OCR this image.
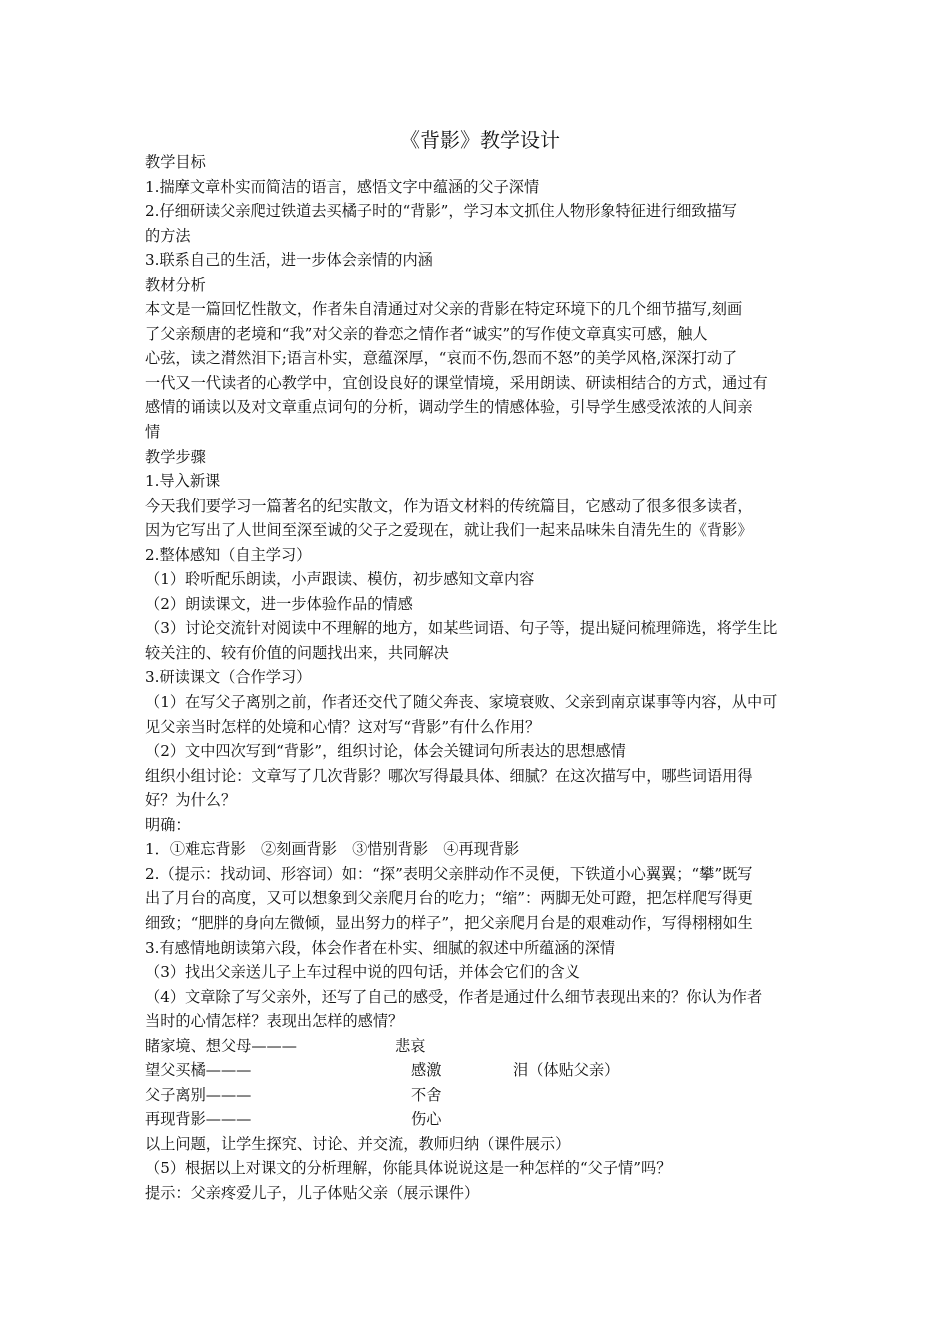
《背影》教学设计
教学目标
1.揣摩文章朴实而简洁的语言，感悟文字中蕴涵的父子深情
2.仔细研读父亲爬过铁道去买橘子时的“背影”，学习本文抓住人物形象特征进行细致描写
的方法
3.联系自己的生活，进一步体会亲情的内涵
教材分析
本文是一篇回忆性散文，作者朱自清通过对父亲的背影在特定环境下的几个细节描写,刻画
了父亲颓唐的老境和“我”对父亲的眷恋之情作者“诚实”的写作使文章真实可感，触人
心弦，读之潸然泪下;语言朴实，意蕴深厚，“哀而不伤,怨而不怒”的美学风格,深深打动了
一代又一代读者的心教学中，宜创设良好的课堂情境，采用朗读、研读相结合的方式，通过有
感情的诵读以及对文章重点词句的分析，调动学生的情感体验，引导学生感受浓浓的人间亲
情
教学步骤
1.导入新课
今天我们要学习一篇著名的纪实散文，作为语文材料的传统篇目，它感动了很多很多读者，
因为它写出了人世间至深至诚的父子之爱现在，就让我们一起来品味朱自清先生的《背影》
2.整体感知（自主学习）
（1）聆听配乐朗读，小声跟读、模仿，初步感知文章内容
（2）朗读课文，进一步体验作品的情感
（3）讨论交流针对阅读中不理解的地方，如某些词语、句子等，提出疑问梳理筛选，将学生比
较关注的、较有价值的问题找出来，共同解决
3.研读课文（合作学习）
（1）在写父子离别之前，作者还交代了随父奔丧、家境衰败、父亲到南京谋事等内容，从中可
见父亲当时怎样的处境和心情？这对写“背影”有什么作用？
（2）文中四次写到“背影”，组织讨论，体会关键词句所表达的思想感情
组织小组讨论：文章写了几次背影？哪次写得最具体、细腻？在这次描写中，哪些词语用得
好？为什么？
明确：
1．①难忘背影　②刻画背影　③惜别背影　④再现背影
2.（提示：找动词、形容词）如：“探”表明父亲胖动作不灵便，下铁道小心翼翼；“攀”既写
出了月台的高度，又可以想象到父亲爬月台的吃力；“缩”：两脚无处可蹬，把怎样爬写得更
细致；“肥胖的身向左微倾，显出努力的样子”，把父亲爬月台是的艰难动作，写得栩栩如生
3.有感情地朗读第六段，体会作者在朴实、细腻的叙述中所蕴涵的深情
（3）找出父亲送儿子上车过程中说的四句话，并体会它们的含义
（4）文章除了写父亲外，还写了自己的感受，作者是通过什么细节表现出来的？你认为作者
当时的心情怎样？表现出怎样的感情？
睹家境、想父母———	悲哀
望父买橘———	感激	泪（体贴父亲）
父子离别———	不舍
再现背影———	伤心
以上问题，让学生探究、讨论、并交流，教师归纳（课件展示）
（5）根据以上对课文的分析理解，你能具体说说这是一种怎样的“父子情”吗？
提示：父亲疼爱儿子，儿子体贴父亲（展示课件）
